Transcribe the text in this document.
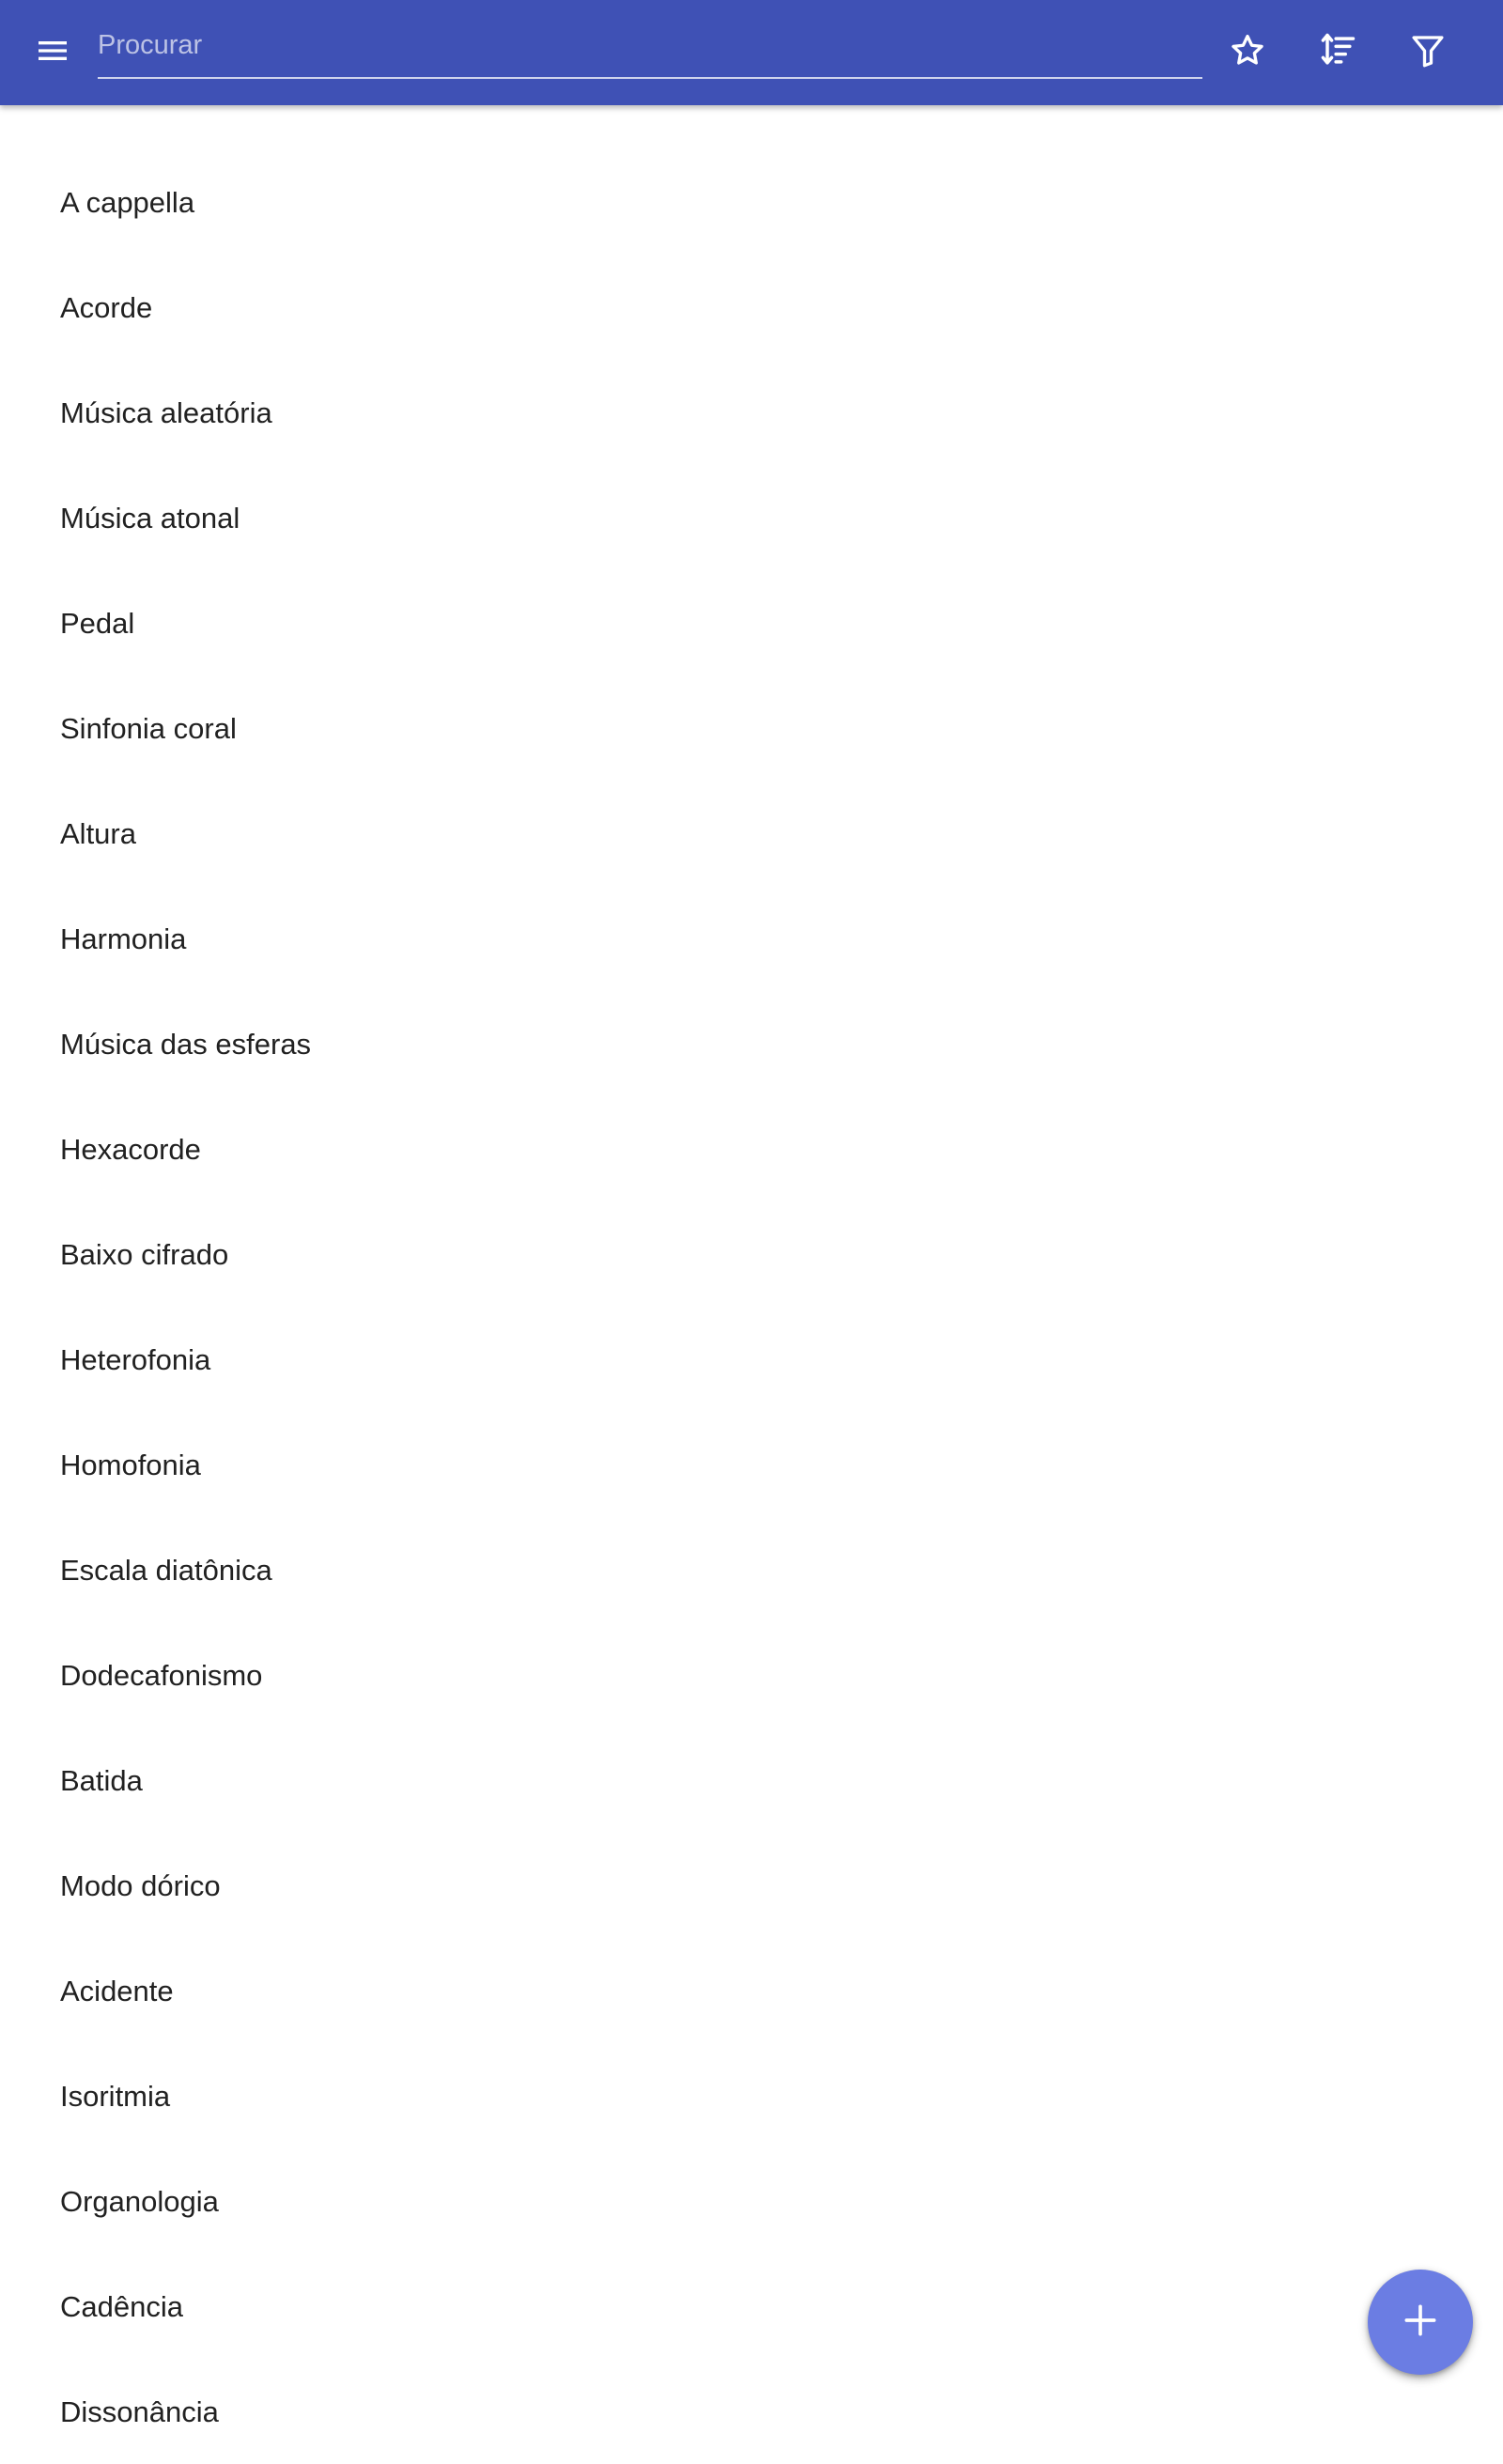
Procurar
A cappella
Acorde
Música aleatória
Música atonal
Pedal
Sinfonia coral
Altura
Harmonia
Música das esferas
Hexacorde
Baixo cifrado
Heterofonia
Homofonia
Escala diatônica
Dodecafonismo
Batida
Modo dórico
Acidente
Isoritmia
Organologia
Cadência
Dissonância
